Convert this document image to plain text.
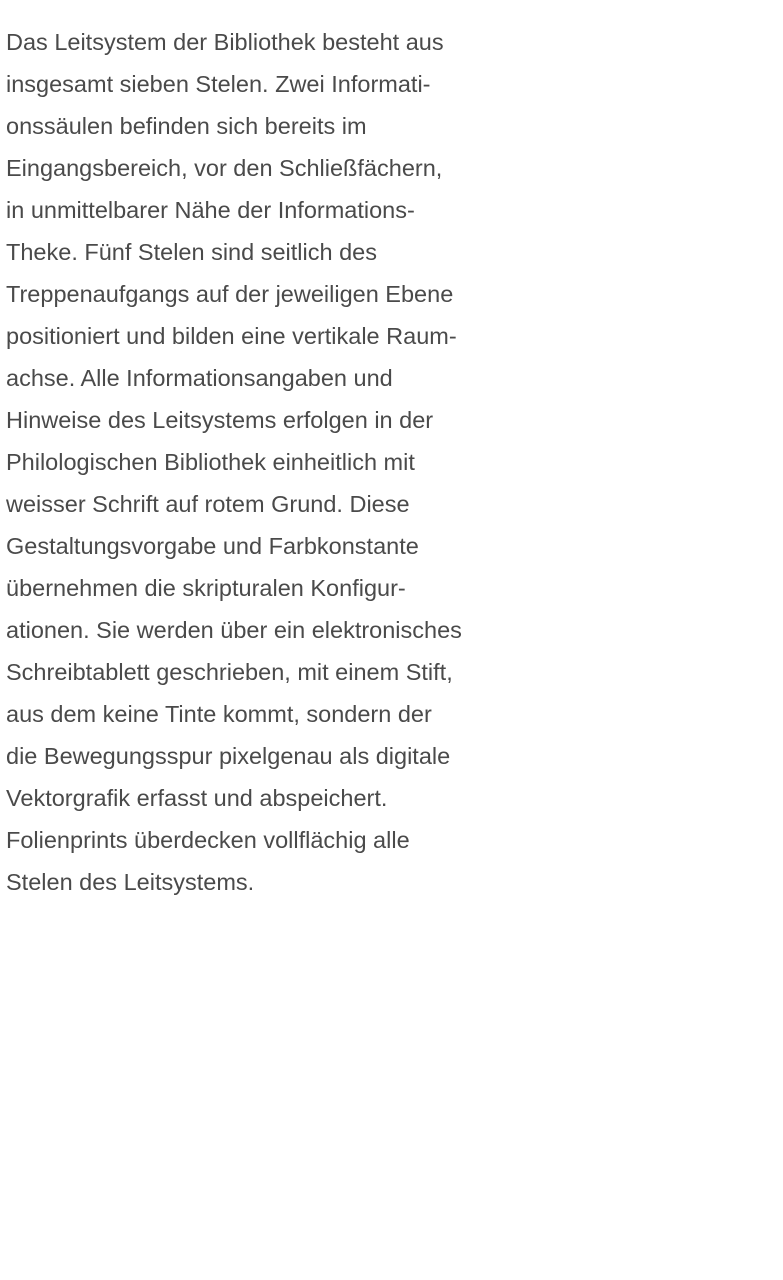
Das Leitsystem der Bibliothek besteht aus
insgesamt sieben Stelen. Zwei Informati-
onssäulen befinden sich bereits im
Eingangsbereich, vor den Schließfächern,
in unmittelbarer Nähe der Informations-
Theke. Fünf Stelen sind seitlich des
Treppenaufgangs auf der jeweiligen Ebene
positioniert und bilden eine vertikale Raum-
achse. Alle Informationsangaben und
Hinweise des Leitsystems erfolgen in der
Philologischen Bibliothek einheitlich mit
weisser Schrift auf rotem Grund. Diese
Gestaltungsvorgabe und Farbkonstante
übernehmen die skripturalen Konfigur-
ationen. Sie werden über ein elektronisches
Schreibtablett geschrieben, mit einem Stift,
aus dem keine Tinte kommt, sondern der
die Bewegungsspur pixelgenau als digitale
Vektorgrafik erfasst und abspeichert.
Folienprints überdecken vollflächig alle
Stelen des Leitsystems.
